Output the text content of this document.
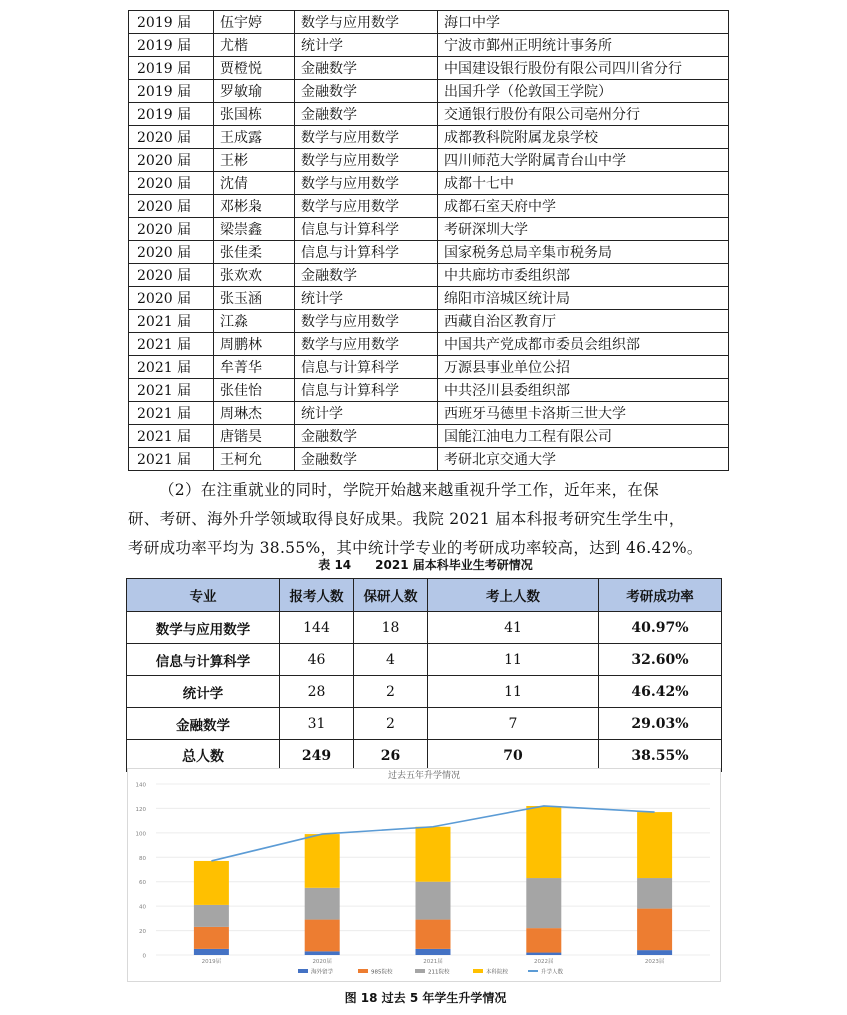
2019 届	伍宇婷	数学与应用数学	海口中学
2019 届	尤楷	统计学	宁波市鄞州正明统计事务所
2019 届	贾橙悦	金融数学	中国建设银行股份有限公司四川省分行
2019 届	罗敏瑜	金融数学	出国升学（伦敦国王学院）
2019 届	张国栋	金融数学	交通银行股份有限公司亳州分行
2020 届	王成露	数学与应用数学	成都教科院附属龙泉学校
2020 届	王彬	数学与应用数学	四川师范大学附属青台山中学
2020 届	沈倩	数学与应用数学	成都十七中
2020 届	邓彬枭	数学与应用数学	成都石室天府中学
2020 届	梁崇鑫	信息与计算科学	考研深圳大学
2020 届	张佳柔	信息与计算科学	国家税务总局辛集市税务局
2020 届	张欢欢	金融数学	中共廊坊市委组织部
2020 届	张玉涵	统计学	绵阳市涪城区统计局
2021 届	江淼	数学与应用数学	西藏自治区教育厅
2021 届	周鹏林	数学与应用数学	中国共产党成都市委员会组织部
2021 届	牟菁华	信息与计算科学	万源县事业单位公招
2021 届	张佳怡	信息与计算科学	中共泾川县委组织部
2021 届	周琳杰	统计学	西班牙马德里卡洛斯三世大学
2021 届	唐锴昊	金融数学	国能江油电力工程有限公司
2021 届	王柯允	金融数学	考研北京交通大学

（2）在注重就业的同时，学院开始越来越重视升学工作，近年来，在保

研、考研、海外升学领域取得良好成果。我院 2021 届本科报考研究生学生中，

考研成功率平均为 38.55%，其中统计学专业的考研成功率较高，达到 46.42%。

表 14　　2021 届本科毕业生考研情况
专业	报考人数	保研人数	考上人数	考研成功率
数学与应用数学	144	18	41	40.97%
信息与计算科学	46	4	11	32.60%
统计学	28	2	11	46.42%
金融数学	31	2	7	29.03%
总人数	249	26	70	38.55%
过去五年升学情况
0
20
40
60
80
100
120
140
2019届	2020届	2021届	2022届	2023届
海外留学	985院校	211院校	本科院校	升学人数
图 18 过去 5 年学生升学情况
